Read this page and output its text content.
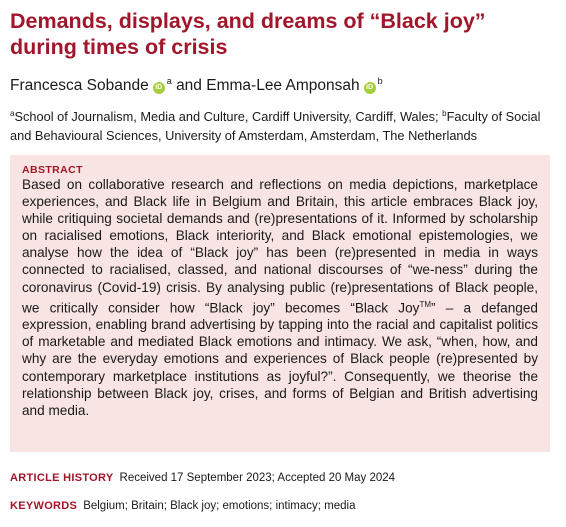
Demands, displays, and dreams of “Black joy” during times of crisis
Francesca Sobande $iD^a$ and Emma-Lee Amponsah $iD^b$

$^a$School of Journalism, Media and Culture, Cardiff University, Cardiff, Wales; $^b$Faculty of Social and Behavioural Sciences, University of Amsterdam, Amsterdam, The Netherlands

ABSTRACT

Based on collaborative research and reflections on media depictions, marketplace experiences, and Black life in Belgium and Britain, this article embraces Black joy, while critiquing societal demands and (re)presentations of it. Informed by scholarship on racialised emotions, Black interiority, and Black emotional epistemologies, we analyse how the idea of “Black joy” has been (re)presented in media in ways connected to racialised, classed, and national discourses of “we-ness” during the coronavirus (Covid-19) crisis. By analysing public (re)presentations of Black people, we critically consider how “Black joy” becomes “Black Joy™” – a defanged expression, enabling brand advertising by tapping into the racial and capitalist politics of marketable and mediated Black emotions and intimacy. We ask, “when, how, and why are the everyday emotions and experiences of Black people (re)presented by contemporary marketplace institutions as joyful?”. Consequently, we theorise the relationship between Black joy, crises, and forms of Belgian and British advertising and media.

ARTICLE HISTORY Received 17 September 2023; Accepted 20 May 2024
KEYWORDS Belgium; Britain; Black joy; emotions; intimacy; media
